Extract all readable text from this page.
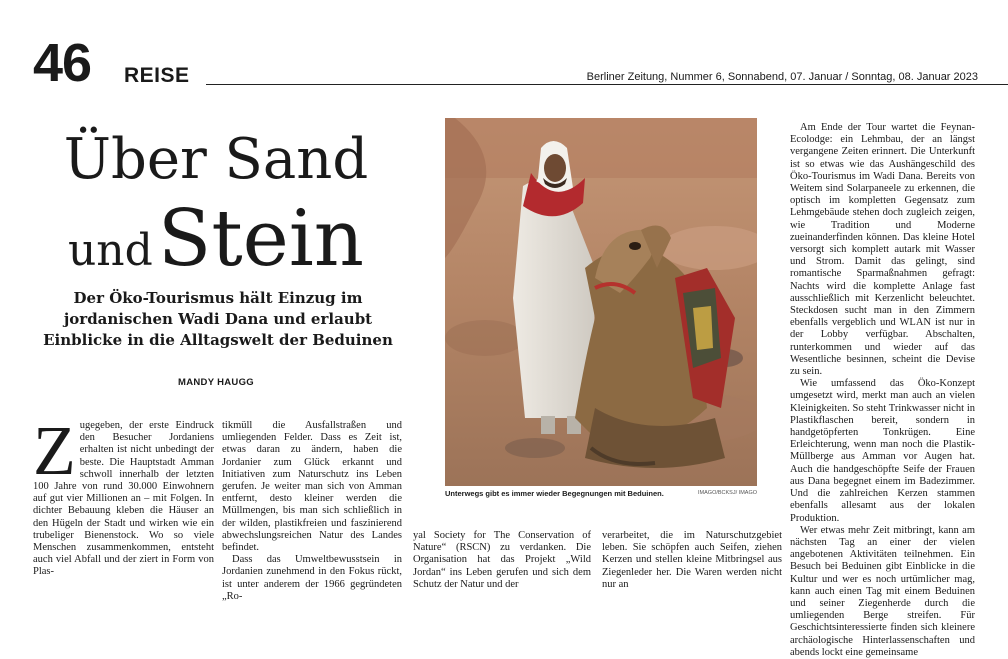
46 REISE	Berliner Zeitung, Nummer 6, Sonnabend, 07. Januar / Sonntag, 08. Januar 2023
Über Sand
und Stein
Der Öko-Tourismus hält Einzug im jordanischen Wadi Dana und erlaubt Einblicke in die Alltagswelt der Beduinen
MANDY HAUGG
Z ugegeben, der erste Eindruck den Besucher Jordaniens erhalten ist nicht unbedingt der beste. Die Hauptstadt Amman schwoll innerhalb der letzten 100 Jahre von rund 30.000 Einwohnern auf gut vier Millionen an – mit Folgen. In dichter Bebauung kleben die Häuser an den Hügeln der Stadt und wirken wie ein trubeliger Bienenstock. Wo so viele Menschen zusammenkommen, entsteht auch viel Abfall und der ziert in Form von Plas-

tikmüll die Ausfallstraßen und umliegenden Felder. Dass es Zeit ist, etwas daran zu ändern, haben die Jordanier zum Glück erkannt und Initiativen zum Naturschutz ins Leben gerufen. Je weiter man sich von Amman entfernt, desto kleiner werden die Müllmengen, bis man sich schließlich in der wilden, plastikfreien und faszinierend abwechslungsreichen Natur des Landes befindet.

Dass das Umweltbewusstsein in Jordanien zunehmend in den Fokus rückt, ist unter anderem der 1966 gegründeten „Ro-

Unterwegs gibt es immer wieder Begegnungen mit Beduinen.	IMAGO/BCKSJ/ IMAGO

yal Society for The Conservation of Nature“ (RSCN) zu verdanken. Die Organisation hat das Projekt „Wild Jordan“ ins Leben gerufen und sich dem Schutz der Natur und der

verarbeitet, die im Naturschutzgebiet leben. Sie schöpfen auch Seifen, ziehen Kerzen und stellen kleine Mitbringsel aus Ziegenleder her. Die Waren werden nicht nur an

Am Ende der Tour wartet die Feynan-Ecolodge: ein Lehmbau, der an längst vergangene Zeiten erinnert. Die Unterkunft ist so etwas wie das Aushängeschild des Öko-Tourismus im Wadi Dana. Bereits von Weitem sind Solarpaneele zu erkennen, die optisch im kompletten Gegensatz zum Lehmgebäude stehen doch zugleich zeigen, wie Tradition und Moderne zueinanderfinden können. Das kleine Hotel versorgt sich komplett autark mit Wasser und Strom. Damit das gelingt, sind romantische Sparmaßnahmen gefragt: Nachts wird die komplette Anlage fast ausschließlich mit Kerzenlicht beleuchtet. Steckdosen sucht man in den Zimmern ebenfalls vergeblich und WLAN ist nur in der Lobby verfügbar. Abschalten, runterkommen und wieder auf das Wesentliche besinnen, scheint die Devise zu sein.

Wie umfassend das Öko-Konzept umgesetzt wird, merkt man auch an vielen Kleinigkeiten. So steht Trinkwasser nicht in Plastikflaschen bereit, sondern in handgetöpferten Tonkrügen. Eine Erleichterung, wenn man noch die Plastik-Müllberge aus Amman vor Augen hat. Auch die handgeschöpfte Seife der Frauen aus Dana begegnet einem im Badezimmer. Und die zahlreichen Kerzen stammen ebenfalls allesamt aus der lokalen Produktion.

Wer etwas mehr Zeit mitbringt, kann am nächsten Tag an einer der vielen angebotenen Aktivitäten teilnehmen. Ein Besuch bei Beduinen gibt Einblicke in die Kultur und wer es noch urtümlicher mag, kann auch einen Tag mit einem Beduinen und seiner Ziegenherde durch die umliegenden Berge streifen. Für Geschichtsinteressierte finden sich kleinere archäologische Hinterlassenschaften und abends lockt eine gemeinsame
